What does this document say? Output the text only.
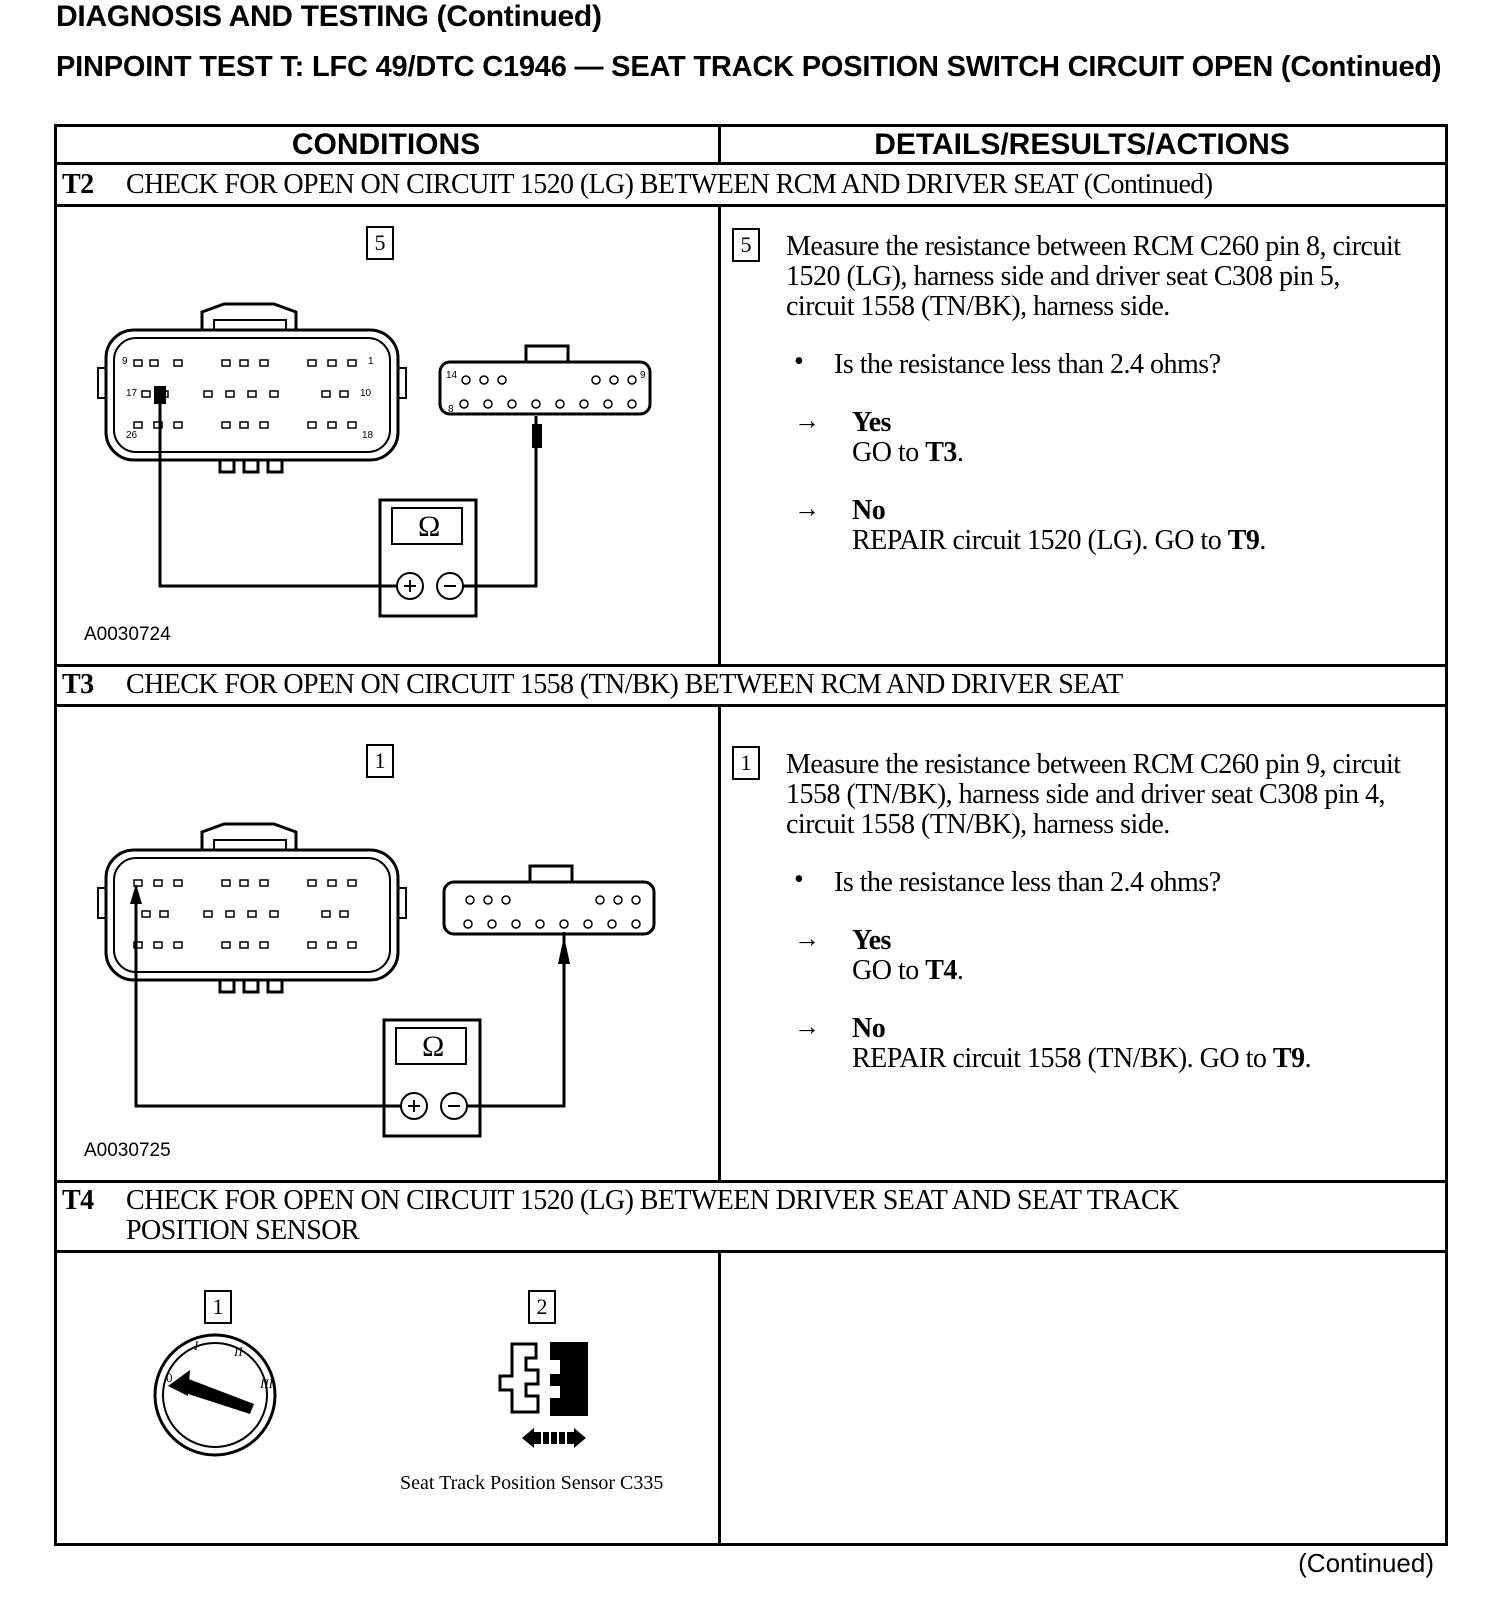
DIAGNOSIS AND TESTING (Continued)
PINPOINT TEST T: LFC 49/DTC C1946 — SEAT TRACK POSITION SWITCH CIRCUIT OPEN (Continued)
CONDITIONS	DETAILS/RESULTS/ACTIONS
T2 CHECK FOR OPEN ON CIRCUIT 1520 (LG) BETWEEN RCM AND DRIVER SEAT (Continued)
5
Ω
9	1
17	10
26	18
14	9
8
A0030724
5	Measure the resistance between RCM C260 pin 8, circuit 1520 (LG), harness side and driver seat C308 pin 5, circuit 1558 (TN/BK), harness side.
• Is the resistance less than 2.4 ohms?
→ Yes
GO to T3.
→ No
REPAIR circuit 1520 (LG). GO to T9.
T3 CHECK FOR OPEN ON CIRCUIT 1558 (TN/BK) BETWEEN RCM AND DRIVER SEAT
1
Ω
A0030725
1	Measure the resistance between RCM C260 pin 9, circuit 1558 (TN/BK), harness side and driver seat C308 pin 4, circuit 1558 (TN/BK), harness side.
• Is the resistance less than 2.4 ohms?
→ Yes
GO to T4.
→ No
REPAIR circuit 1558 (TN/BK). GO to T9.
T4 CHECK FOR OPEN ON CIRCUIT 1520 (LG) BETWEEN DRIVER SEAT AND SEAT TRACK
POSITION SENSOR
1	2
0
I	II
III
Seat Track Position Sensor C335
(Continued)
